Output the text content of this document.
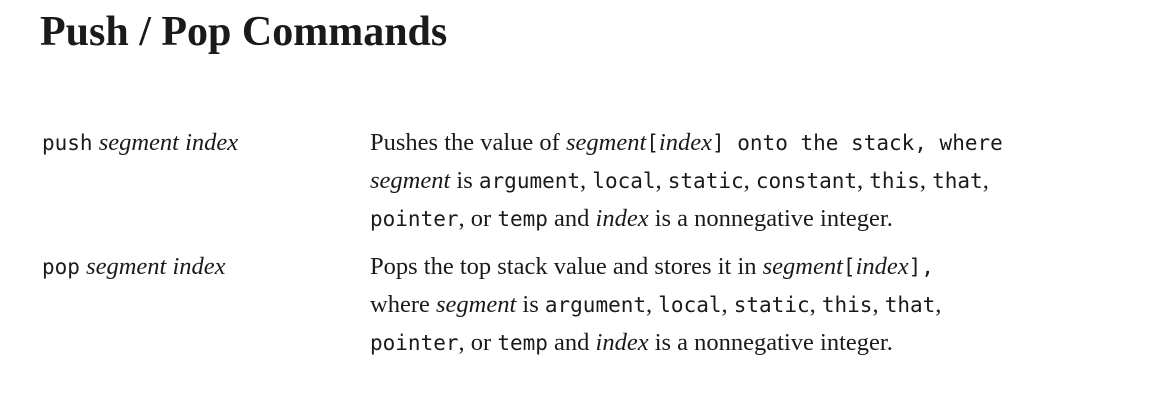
Push / Pop Commands
push segment index	Pushes the value of segment[index] onto the stack, where
segment is argument, local, static, constant, this, that,
pointer, or temp and index is a nonnegative integer.
pop segment index	Pops the top stack value and stores it in segment[index],
where segment is argument, local, static, this, that,
pointer, or temp and index is a nonnegative integer.
